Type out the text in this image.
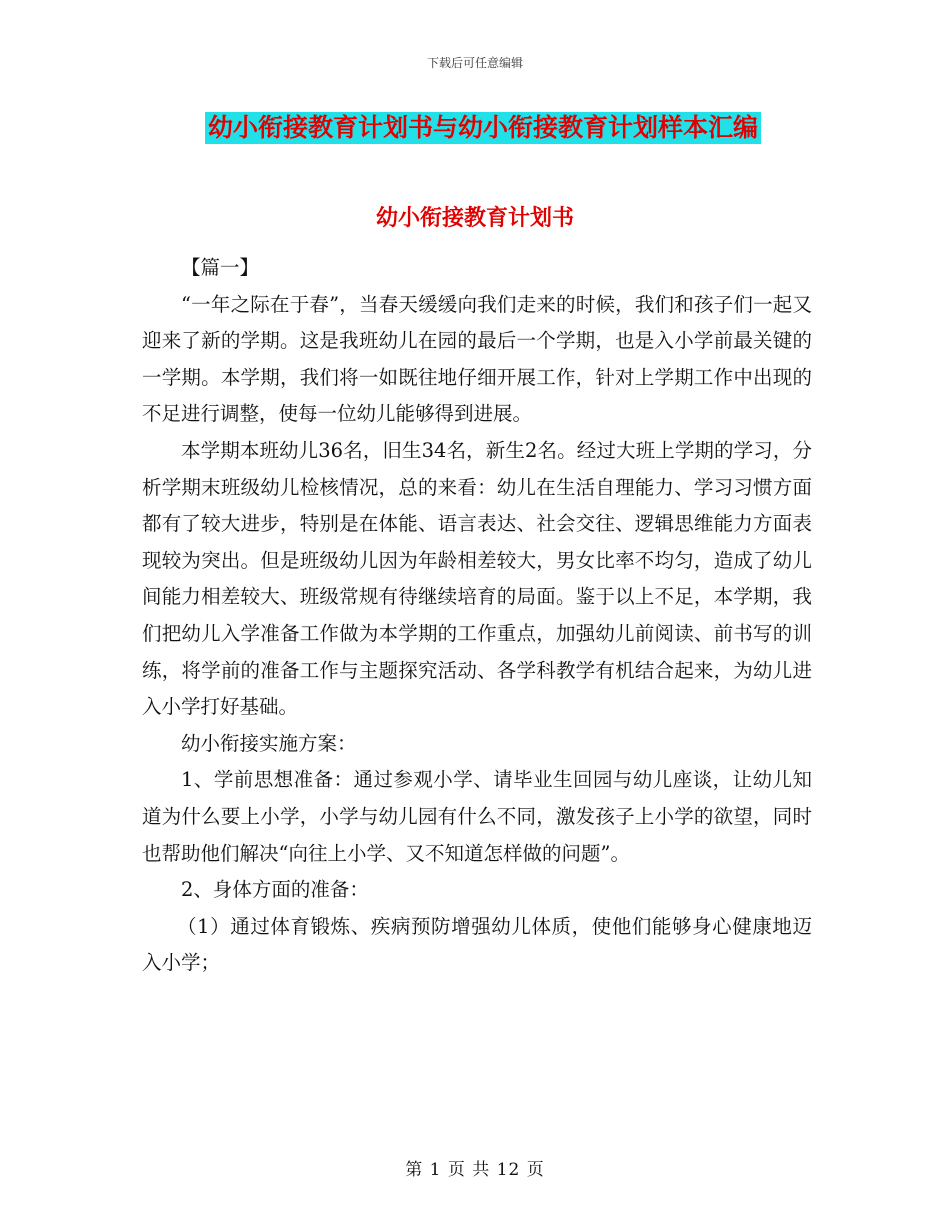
下载后可任意编辑
幼小衔接教育计划书与幼小衔接教育计划样本汇编
幼小衔接教育计划书

【篇一】

“一年之际在于春”，当春天缓缓向我们走来的时候，我们和孩子们一起又迎来了新的学期。这是我班幼儿在园的最后一个学期，也是入小学前最关键的一学期。本学期，我们将一如既往地仔细开展工作，针对上学期工作中出现的不足进行调整，使每一位幼儿能够得到进展。

本学期本班幼儿36名，旧生34名，新生2名。经过大班上学期的学习，分析学期末班级幼儿检核情况，总的来看：幼儿在生活自理能力、学习习惯方面都有了较大进步，特别是在体能、语言表达、社会交往、逻辑思维能力方面表现较为突出。但是班级幼儿因为年龄相差较大，男女比率不均匀，造成了幼儿间能力相差较大、班级常规有待继续培育的局面。鉴于以上不足，本学期，我们把幼儿入学准备工作做为本学期的工作重点，加强幼儿前阅读、前书写的训练，将学前的准备工作与主题探究活动、各学科教学有机结合起来，为幼儿进入小学打好基础。

幼小衔接实施方案：

1、学前思想准备：通过参观小学、请毕业生回园与幼儿座谈，让幼儿知道为什么要上小学，小学与幼儿园有什么不同，激发孩子上小学的欲望，同时也帮助他们解决“向往上小学、又不知道怎样做的问题”。

2、身体方面的准备：

（1）通过体育锻炼、疾病预防增强幼儿体质，使他们能够身心健康地迈入小学；

第 1 页 共 12 页
